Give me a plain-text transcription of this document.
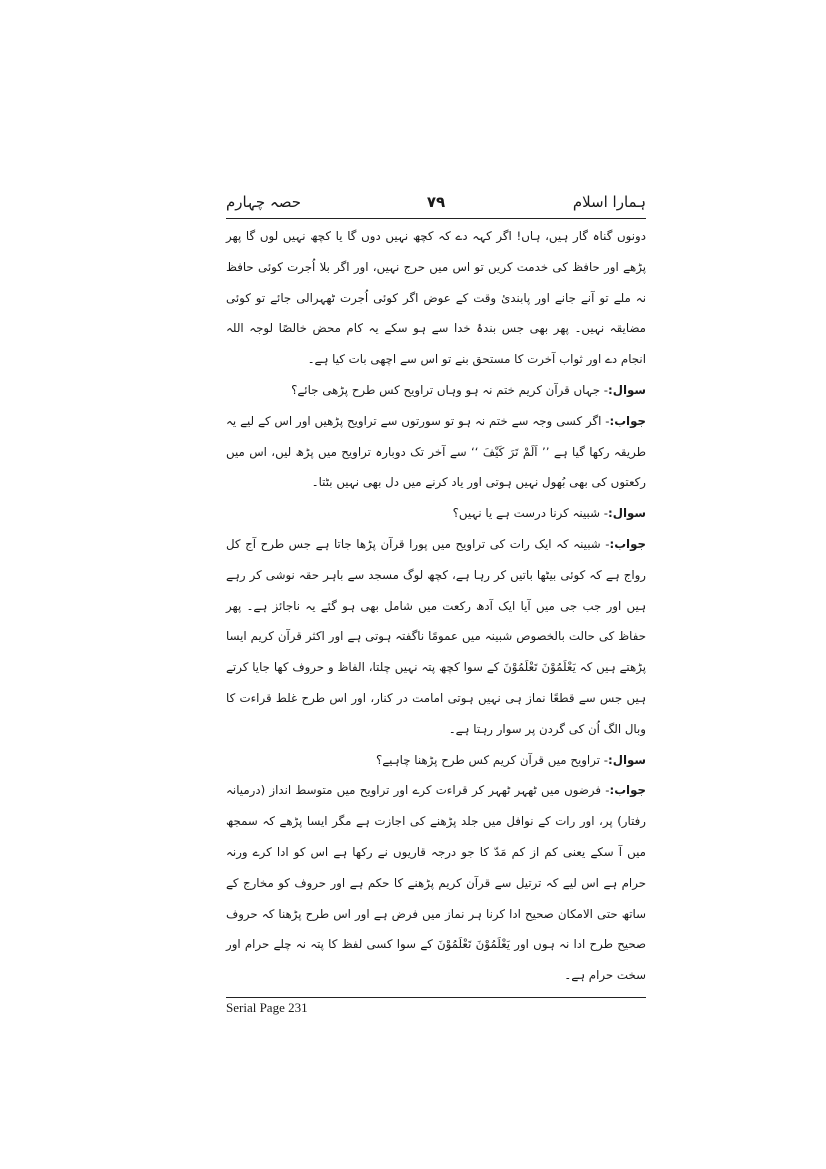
ہمارا اسلام
۷۹
حصہ چہارم

دونوں گناہ گار ہیں، ہاں! اگر کہہ دے کہ کچھ نہیں دوں گا یا کچھ نہیں لوں گا پھر پڑھے اور حافظ کی خدمت کریں تو اس میں حرج نہیں، اور اگر بلا اُجرت کوئی حافظ نہ ملے تو آنے جانے اور پابندیٔ وقت کے عوض اگر کوئی اُجرت ٹھہرالی جائے تو کوئی مضایقہ نہیں۔ پھر بھی جس بندۂ خدا سے ہو سکے یہ کام محض خالصًا لوجہ اللہ انجام دے اور ثواب آخرت کا مستحق بنے تو اس سے اچھی بات کیا ہے۔

سوال:- جہاں قرآن کریم ختم نہ ہو وہاں تراویح کس طرح پڑھی جائے؟

جواب:- اگر کسی وجہ سے ختم نہ ہو تو سورتوں سے تراویح پڑھیں اور اس کے لیے یہ طریقہ رکھا گیا ہے ’’ اَلَمْ تَرَ کَيْفَ ‘‘ سے آخر تک دوبارہ تراویح میں پڑھ لیں، اس میں رکعتوں کی بھی بُھول نہیں ہوتی اور یاد کرنے میں دل بھی نہیں بٹتا۔

سوال:- شبینہ کرنا درست ہے یا نہیں؟

جواب:- شبینہ کہ ایک رات کی تراویح میں پورا قرآن پڑھا جاتا ہے جس طرح آج کل رواج ہے کہ کوئی بیٹھا باتیں کر رہا ہے، کچھ لوگ مسجد سے باہر حقہ نوشی کر رہے ہیں اور جب جی میں آیا ایک آدھ رکعت میں شامل بھی ہو گئے یہ ناجائز ہے۔ پھر حفاظ کی حالت بالخصوص شبینہ میں عمومًا ناگفتہ ہوتی ہے اور اکثر قرآن کریم ایسا پڑھتے ہیں کہ يَعْلَمُوْنَ تَعْلَمُوْنَ کے سوا کچھ پتہ نہیں چلتا، الفاظ و حروف کھا جایا کرتے ہیں جس سے قطعًا نماز ہی نہیں ہوتی امامت در کنار، اور اس طرح غلط قراءت کا وبال الگ اُن کی گردن پر سوار رہتا ہے۔

سوال:- تراویح میں قرآن کریم کس طرح پڑھنا چاہیے؟

جواب:- فرضوں میں ٹھہر ٹھہر کر قراءت کرے اور تراویح میں متوسط انداز (درمیانہ رفتار) پر، اور رات کے نوافل میں جلد پڑھنے کی اجازت ہے مگر ایسا پڑھے کہ سمجھ میں آ سکے یعنی کم از کم مَدّ کا جو درجہ قاریوں نے رکھا ہے اس کو ادا کرے ورنہ حرام ہے اس لیے کہ ترتیل سے قرآن کریم پڑھنے کا حکم ہے اور حروف کو مخارج کے ساتھ حتی الامکان صحیح ادا کرنا ہر نماز میں فرض ہے اور اس طرح پڑھنا کہ حروف صحیح طرح ادا نہ ہوں اور يَعْلَمُوْنَ تَعْلَمُوْنَ کے سوا کسی لفظ کا پتہ نہ چلے حرام اور سخت حرام ہے۔

Serial Page 231
